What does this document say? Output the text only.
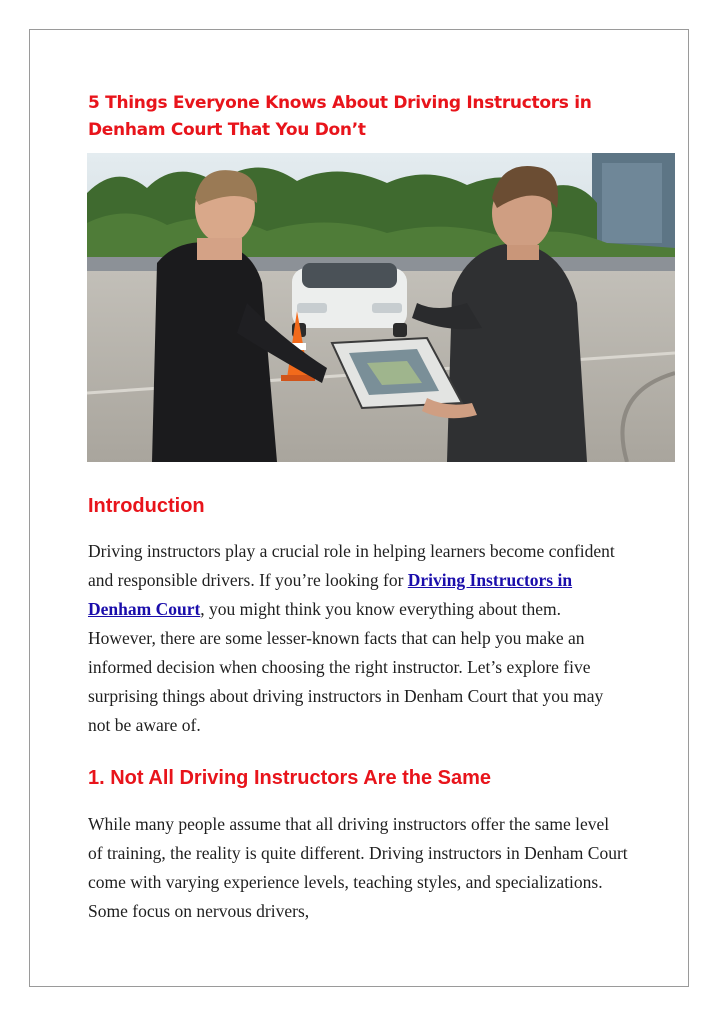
5 Things Everyone Knows About Driving Instructors in Denham Court That You Don’t
Introduction

Driving instructors play a crucial role in helping learners become confident and responsible drivers. If you’re looking for Driving Instructors in Denham Court, you might think you know everything about them. However, there are some lesser-known facts that can help you make an informed decision when choosing the right instructor. Let’s explore five surprising things about driving instructors in Denham Court that you may not be aware of.

1. Not All Driving Instructors Are the Same

While many people assume that all driving instructors offer the same level of training, the reality is quite different. Driving instructors in Denham Court come with varying experience levels, teaching styles, and specializations. Some focus on nervous drivers,
